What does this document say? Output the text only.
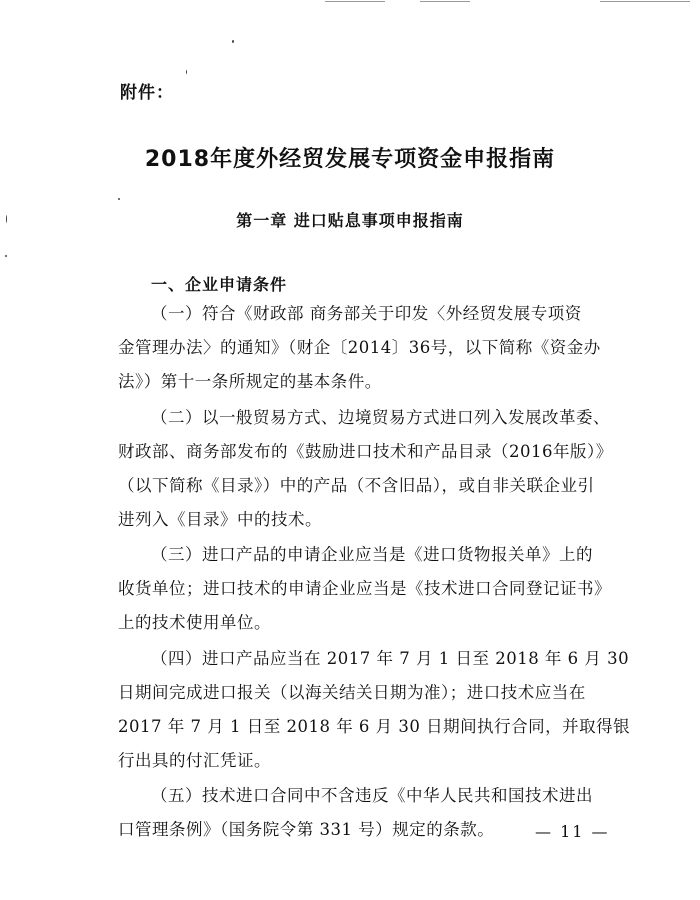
附件：
2018年度外经贸发展专项资金申报指南
第一章 进口贴息事项申报指南
一、企业申请条件
（一）符合《财政部 商务部关于印发〈外经贸发展专项资
金管理办法〉的通知》（财企〔2014〕36号，以下简称《资金办
法》）第十一条所规定的基本条件。
（二）以一般贸易方式、边境贸易方式进口列入发展改革委、
财政部、商务部发布的《鼓励进口技术和产品目录（2016年版）》
（以下简称《目录》）中的产品（不含旧品），或自非关联企业引
进列入《目录》中的技术。
（三）进口产品的申请企业应当是《进口货物报关单》上的
收货单位；进口技术的申请企业应当是《技术进口合同登记证书》
上的技术使用单位。
（四）进口产品应当在 2017 年 7 月 1 日至 2018 年 6 月 30
日期间完成进口报关（以海关结关日期为准）；进口技术应当在
2017 年 7 月 1 日至 2018 年 6 月 30 日期间执行合同，并取得银
行出具的付汇凭证。
（五）技术进口合同中不含违反《中华人民共和国技术进出
口管理条例》（国务院令第 331 号）规定的条款。	— 11 —
